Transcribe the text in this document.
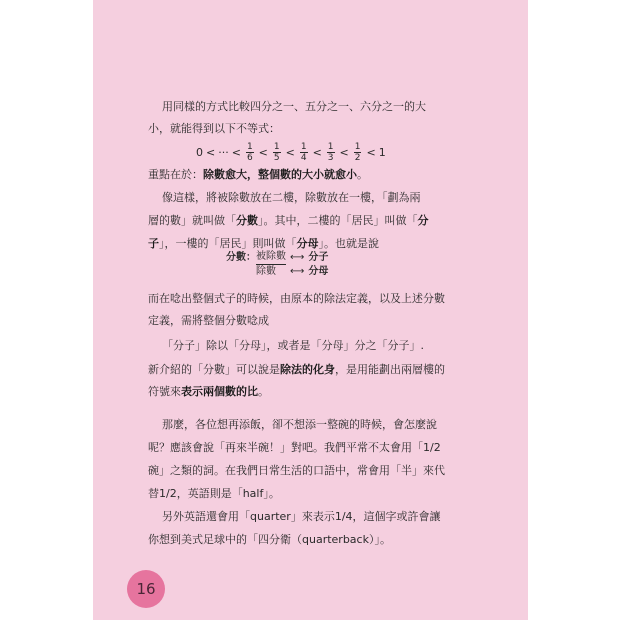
用同樣的方式比較四分之一、五分之一、六分之一的大

小，就能得到以下不等式：

0 < ··· < $\frac{1}{6} < \frac{1}{5} < \frac{1}{4} < \frac{1}{3} < \frac{1}{2} < 1$

重點在於：除數愈大，整個數的大小就愈小。

像這樣，將被除數放在二樓，除數放在一樓，「劃為兩

層的數」就叫做「分數」。其中，二樓的「居民」叫做「分

子」，一樓的「居民」則叫做「分母」。也就是說

分數： 被除數 ⟷ 分子
除數	⟷ 分母

而在唸出整個式子的時候，由原本的除法定義，以及上述分數

定義，需將整個分數唸成

「分子」除以「分母」，或者是「分母」分之「分子」.

新介紹的「分數」可以說是除法的化身，是用能劃出兩層樓的

符號來表示兩個數的比。

那麼，各位想再添飯，卻不想添一整碗的時候，會怎麼說

呢？應該會說「再來半碗！」對吧。我們平常不太會用「1/2

碗」之類的詞。在我們日常生活的口語中，常會用「半」來代

替1/2，英語則是「half」。

另外英語還會用「quarter」來表示1/4，這個字或許會讓

你想到美式足球中的「四分衛（quarterback）」。

16
